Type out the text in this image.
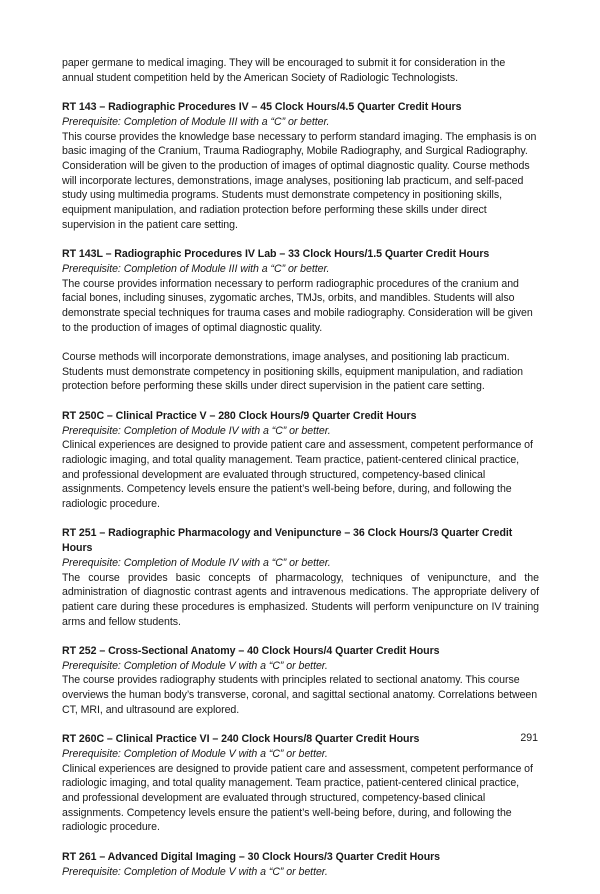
paper germane to medical imaging. They will be encouraged to submit it for consideration in the annual student competition held by the American Society of Radiologic Technologists.

RT 143 – Radiographic Procedures IV – 45 Clock Hours/4.5 Quarter Credit Hours

Prerequisite: Completion of Module III with a “C” or better.

This course provides the knowledge base necessary to perform standard imaging. The emphasis is on basic imaging of the Cranium, Trauma Radiography, Mobile Radiography, and Surgical Radiography. Consideration will be given to the production of images of optimal diagnostic quality. Course methods will incorporate lectures, demonstrations, image analyses, positioning lab practicum, and self-paced study using multimedia programs. Students must demonstrate competency in positioning skills, equipment manipulation, and radiation protection before performing these skills under direct supervision in the patient care setting.

RT 143L – Radiographic Procedures IV Lab – 33 Clock Hours/1.5 Quarter Credit Hours

Prerequisite: Completion of Module III with a “C” or better.

The course provides information necessary to perform radiographic procedures of the cranium and facial bones, including sinuses, zygomatic arches, TMJs, orbits, and mandibles. Students will also demonstrate special techniques for trauma cases and mobile radiography. Consideration will be given to the production of images of optimal diagnostic quality.

Course methods will incorporate demonstrations, image analyses, and positioning lab practicum. Students must demonstrate competency in positioning skills, equipment manipulation, and radiation protection before performing these skills under direct supervision in the patient care setting.

RT 250C – Clinical Practice V – 280 Clock Hours/9 Quarter Credit Hours

Prerequisite: Completion of Module IV with a “C” or better.

Clinical experiences are designed to provide patient care and assessment, competent performance of radiologic imaging, and total quality management. Team practice, patient-centered clinical practice, and professional development are evaluated through structured, competency-based clinical assignments. Competency levels ensure the patient’s well-being before, during, and following the radiologic procedure.

RT 251 – Radiographic Pharmacology and Venipuncture – 36 Clock Hours/3 Quarter Credit Hours

Prerequisite: Completion of Module IV with a “C” or better.

The course provides basic concepts of pharmacology, techniques of venipuncture, and the administration of diagnostic contrast agents and intravenous medications. The appropriate delivery of patient care during these procedures is emphasized. Students will perform venipuncture on IV training arms and fellow students.

RT 252 – Cross-Sectional Anatomy – 40 Clock Hours/4 Quarter Credit Hours

Prerequisite: Completion of Module V with a “C” or better.

The course provides radiography students with principles related to sectional anatomy. This course overviews the human body’s transverse, coronal, and sagittal sectional anatomy. Correlations between CT, MRI, and ultrasound are explored.

RT 260C – Clinical Practice VI – 240 Clock Hours/8 Quarter Credit Hours

Prerequisite: Completion of Module V with a “C” or better.

Clinical experiences are designed to provide patient care and assessment, competent performance of radiologic imaging, and total quality management. Team practice, patient-centered clinical practice, and professional development are evaluated through structured, competency-based clinical assignments. Competency levels ensure the patient’s well-being before, during, and following the radiologic procedure.

RT 261 – Advanced Digital Imaging – 30 Clock Hours/3 Quarter Credit Hours

Prerequisite: Completion of Module V with a “C” or better.

291
